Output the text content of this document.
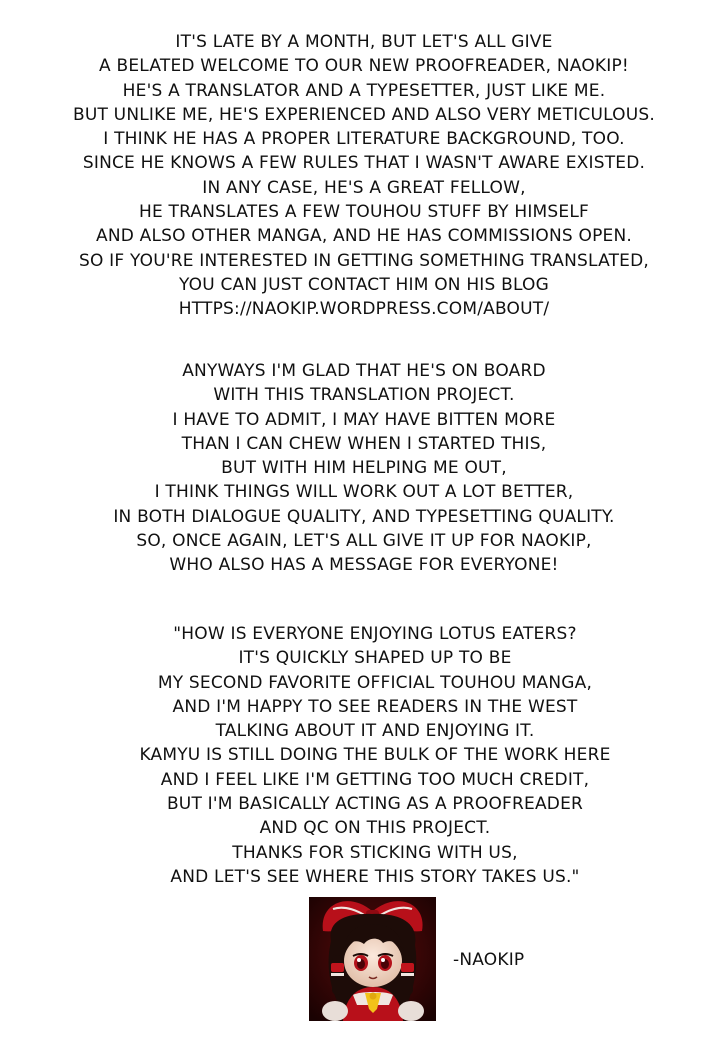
IT'S LATE BY A MONTH, BUT LET'S ALL GIVE
A BELATED WELCOME TO OUR NEW PROOFREADER, NAOKIP!
HE'S A TRANSLATOR AND A TYPESETTER, JUST LIKE ME.
BUT UNLIKE ME, HE'S EXPERIENCED AND ALSO VERY METICULOUS.
I THINK HE HAS A PROPER LITERATURE BACKGROUND, TOO.
SINCE HE KNOWS A FEW RULES THAT I WASN'T AWARE EXISTED.
IN ANY CASE, HE'S A GREAT FELLOW,
HE TRANSLATES A FEW TOUHOU STUFF BY HIMSELF
AND ALSO OTHER MANGA, AND HE HAS COMMISSIONS OPEN.
SO IF YOU'RE INTERESTED IN GETTING SOMETHING TRANSLATED,
YOU CAN JUST CONTACT HIM ON HIS BLOG
HTTPS://NAOKIP.WORDPRESS.COM/ABOUT/
ANYWAYS I'M GLAD THAT HE'S ON BOARD
WITH THIS TRANSLATION PROJECT.
I HAVE TO ADMIT, I MAY HAVE BITTEN MORE
THAN I CAN CHEW WHEN I STARTED THIS,
BUT WITH HIM HELPING ME OUT,
I THINK THINGS WILL WORK OUT A LOT BETTER,
IN BOTH DIALOGUE QUALITY, AND TYPESETTING QUALITY.
SO, ONCE AGAIN, LET'S ALL GIVE IT UP FOR NAOKIP,
WHO ALSO HAS A MESSAGE FOR EVERYONE!
"HOW IS EVERYONE ENJOYING LOTUS EATERS?
IT'S QUICKLY SHAPED UP TO BE
MY SECOND FAVORITE OFFICIAL TOUHOU MANGA,
AND I'M HAPPY TO SEE READERS IN THE WEST
TALKING ABOUT IT AND ENJOYING IT.
KAMYU IS STILL DOING THE BULK OF THE WORK HERE
AND I FEEL LIKE I'M GETTING TOO MUCH CREDIT,
BUT I'M BASICALLY ACTING AS A PROOFREADER
AND QC ON THIS PROJECT.
THANKS FOR STICKING WITH US,
AND LET'S SEE WHERE THIS STORY TAKES US."
-NAOKIP
